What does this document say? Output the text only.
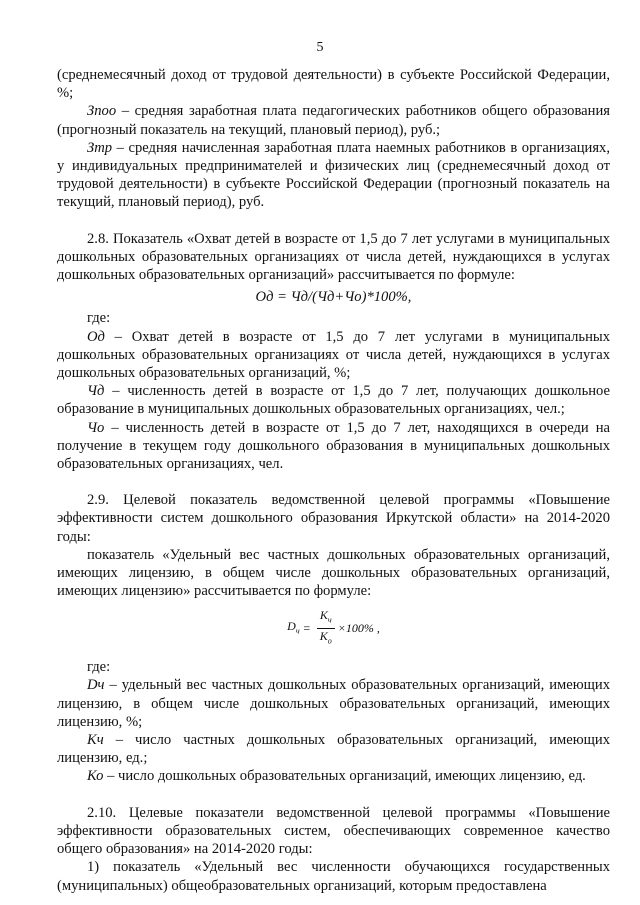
5

(среднемесячный доход от трудовой деятельности) в субъекте Российской Федерации, %;

Зпоо – средняя заработная плата педагогических работников общего образования (прогнозный показатель на текущий, плановый период), руб.;

Зтр – средняя начисленная заработная плата наемных работников в организациях, у индивидуальных предпринимателей и физических лиц (среднемесячный доход от трудовой деятельности) в субъекте Российской Федерации (прогнозный показатель на текущий, плановый период), руб.

2.8. Показатель «Охват детей в возрасте от 1,5 до 7 лет услугами в муниципальных дошкольных образовательных организациях от числа детей, нуждающихся в услугах дошкольных образовательных организаций» рассчитывается по формуле:

Од = Чд/(Чд+Чо)*100%,

где:

Од – Охват детей в возрасте от 1,5 до 7 лет услугами в муниципальных дошкольных образовательных организациях от числа детей, нуждающихся в услугах дошкольных образовательных организаций, %;

Чд – численность детей в возрасте от 1,5 до 7 лет, получающих дошкольное образование в муниципальных дошкольных образовательных организациях, чел.;

Чо – численность детей в возрасте от 1,5 до 7 лет, находящихся в очереди на получение в текущем году дошкольного образования в муниципальных дошкольных образовательных организациях, чел.

2.9. Целевой показатель ведомственной целевой программы «Повышение эффективности систем дошкольного образования Иркутской области» на 2014-2020 годы:

показатель «Удельный вес частных дошкольных образовательных организаций, имеющих лицензию, в общем числе дошкольных образовательных организаций, имеющих лицензию» рассчитывается по формуле:

$D_ч = \frac{K_ч}{K_о} \times 100\%$ ,

где:

Dч – удельный вес частных дошкольных образовательных организаций, имеющих лицензию, в общем числе дошкольных образовательных организаций, имеющих лицензию, %;

Кч – число частных дошкольных образовательных организаций, имеющих лицензию, ед.;

Ко – число дошкольных образовательных организаций, имеющих лицензию, ед.

2.10. Целевые показатели ведомственной целевой программы «Повышение эффективности образовательных систем, обеспечивающих современное качество общего образования» на 2014-2020 годы:

1) показатель «Удельный вес численности обучающихся государственных (муниципальных) общеобразовательных организаций, которым предоставлена
